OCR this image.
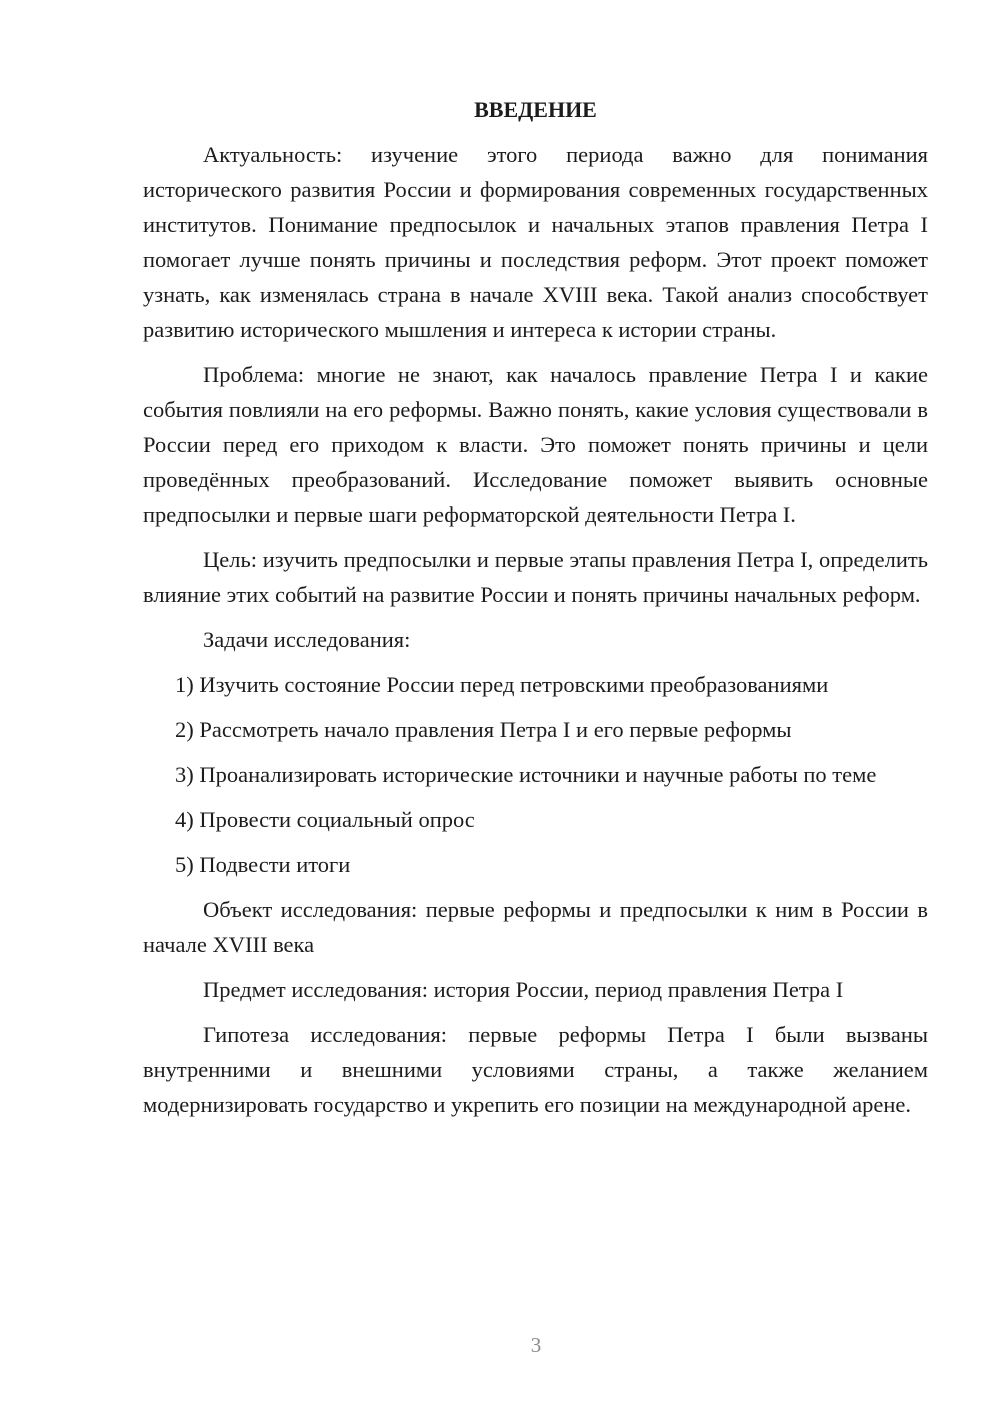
ВВЕДЕНИЕ

Актуальность: изучение этого периода важно для понимания исторического развития России и формирования современных государственных институтов. Понимание предпосылок и начальных этапов правления Петра I помогает лучше понять причины и последствия реформ. Этот проект поможет узнать, как изменялась страна в начале XVIII века. Такой анализ способствует развитию исторического мышления и интереса к истории страны.

Проблема: многие не знают, как началось правление Петра I и какие события повлияли на его реформы. Важно понять, какие условия существовали в России перед его приходом к власти. Это поможет понять причины и цели проведённых преобразований. Исследование поможет выявить основные предпосылки и первые шаги реформаторской деятельности Петра I.

Цель: изучить предпосылки и первые этапы правления Петра I, определить влияние этих событий на развитие России и понять причины начальных реформ.

Задачи исследования:

1) Изучить состояние России перед петровскими преобразованиями

2) Рассмотреть начало правления Петра I и его первые реформы

3) Проанализировать исторические источники и научные работы по теме

4) Провести социальный опрос

5) Подвести итоги

Объект исследования: первые реформы и предпосылки к ним в России в начале XVIII века

Предмет исследования: история России, период правления Петра I

Гипотеза исследования: первые реформы Петра I были вызваны внутренними и внешними условиями страны, а также желанием модернизировать государство и укрепить его позиции на международной арене.

3
